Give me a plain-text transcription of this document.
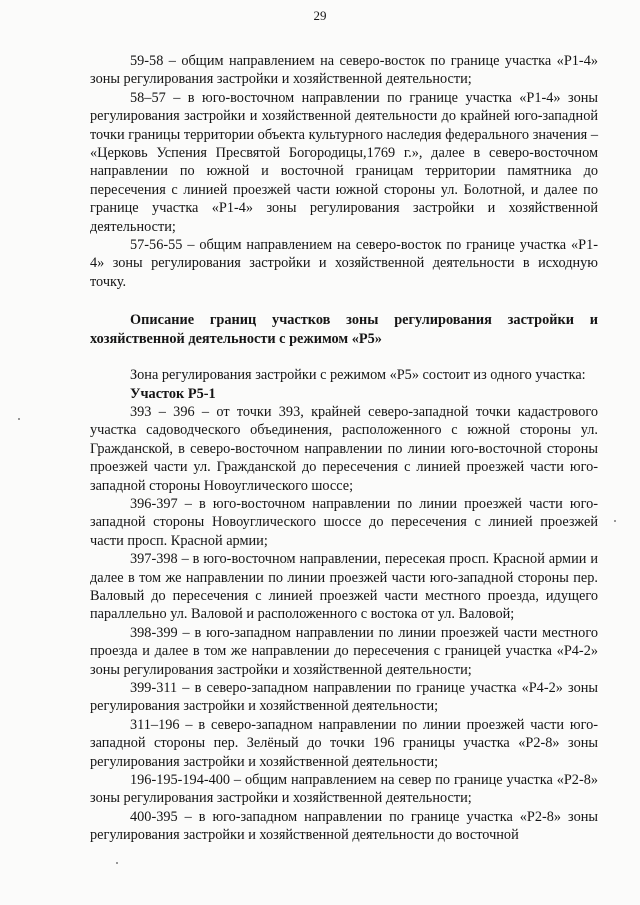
29

59-58 – общим направлением на северо-восток по границе участка «Р1-4» зоны регулирования застройки и хозяйственной деятельности;

58–57 – в юго-восточном направлении по границе участка «Р1-4» зоны регулирования застройки и хозяйственной деятельности до крайней юго-западной точки границы территории объекта культурного наследия федерального значения – «Церковь Успения Пресвятой Богородицы,1769 г.», далее в северо-восточном направлении по южной и восточной границам территории памятника до пересечения с линией проезжей части южной стороны ул. Болотной, и далее по границе участка «Р1-4» зоны регулирования застройки и хозяйственной деятельности;

57-56-55 – общим направлением на северо-восток по границе участка «Р1-4» зоны регулирования застройки и хозяйственной деятельности в исходную точку.

Описание границ участков зоны регулирования застройки и хозяйственной деятельности с режимом «Р5»

Зона регулирования застройки с режимом «Р5» состоит из одного участка:

Участок Р5-1

393 – 396 – от точки 393, крайней северо-западной точки кадастрового участка садоводческого объединения, расположенного с южной стороны ул. Гражданской, в северо-восточном направлении по линии юго-восточной стороны проезжей части ул. Гражданской до пересечения с линией проезжей части юго-западной стороны Новоуглического шоссе;

396-397 – в юго-восточном направлении по линии проезжей части юго-западной стороны Новоуглического шоссе до пересечения с линией проезжей части просп. Красной армии;

397-398 – в юго-восточном направлении, пересекая просп. Красной армии и далее в том же направлении по линии проезжей части юго-западной стороны пер. Валовый до пересечения с линией проезжей части местного проезда, идущего параллельно ул. Валовой и расположенного с востока от ул. Валовой;

398-399 – в юго-западном направлении по линии проезжей части местного проезда и далее в том же направлении до пересечения с границей участка «Р4-2» зоны регулирования застройки и хозяйственной деятельности;

399-311 – в северо-западном направлении по границе участка «Р4-2» зоны регулирования застройки и хозяйственной деятельности;

311–196 – в северо-западном направлении по линии проезжей части юго-западной стороны пер. Зелёный до точки 196 границы участка «Р2-8» зоны регулирования застройки и хозяйственной деятельности;

196-195-194-400 – общим направлением на север по границе участка «Р2-8» зоны регулирования застройки и хозяйственной деятельности;

400-395 – в юго-западном направлении по границе участка «Р2-8» зоны регулирования застройки и хозяйственной деятельности до восточной
